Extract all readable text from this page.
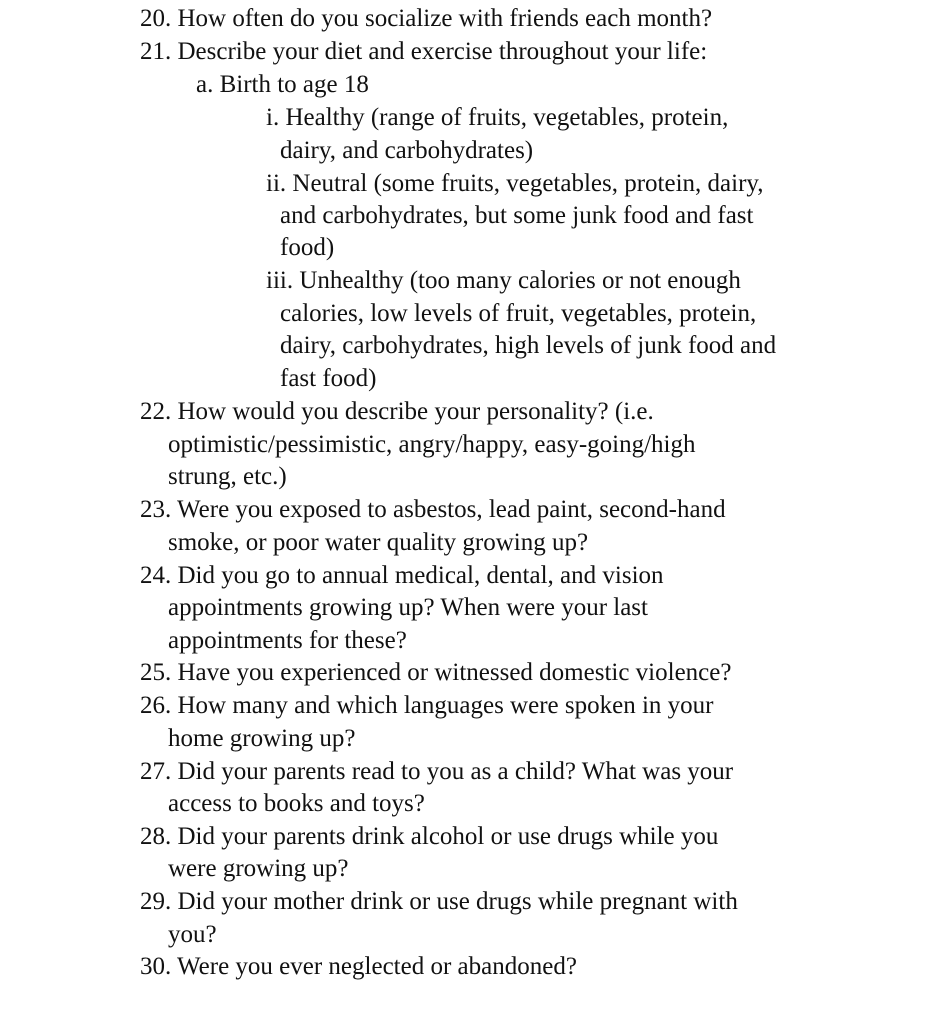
20. How often do you socialize with friends each month?

21. Describe your diet and exercise throughout your life:

a. Birth to age 18

i. Healthy (range of fruits, vegetables, protein,

dairy, and carbohydrates)

ii. Neutral (some fruits, vegetables, protein, dairy,

and carbohydrates, but some junk food and fast

food)

iii. Unhealthy (too many calories or not enough

calories, low levels of fruit, vegetables, protein,

dairy, carbohydrates, high levels of junk food and

fast food)

22. How would you describe your personality? (i.e.

optimistic/pessimistic, angry/happy, easy-going/high

strung, etc.)

23. Were you exposed to asbestos, lead paint, second-hand

smoke, or poor water quality growing up?

24. Did you go to annual medical, dental, and vision

appointments growing up? When were your last

appointments for these?

25. Have you experienced or witnessed domestic violence?

26. How many and which languages were spoken in your

home growing up?

27. Did your parents read to you as a child? What was your

access to books and toys?

28. Did your parents drink alcohol or use drugs while you

were growing up?

29. Did your mother drink or use drugs while pregnant with

you?

30. Were you ever neglected or abandoned?
